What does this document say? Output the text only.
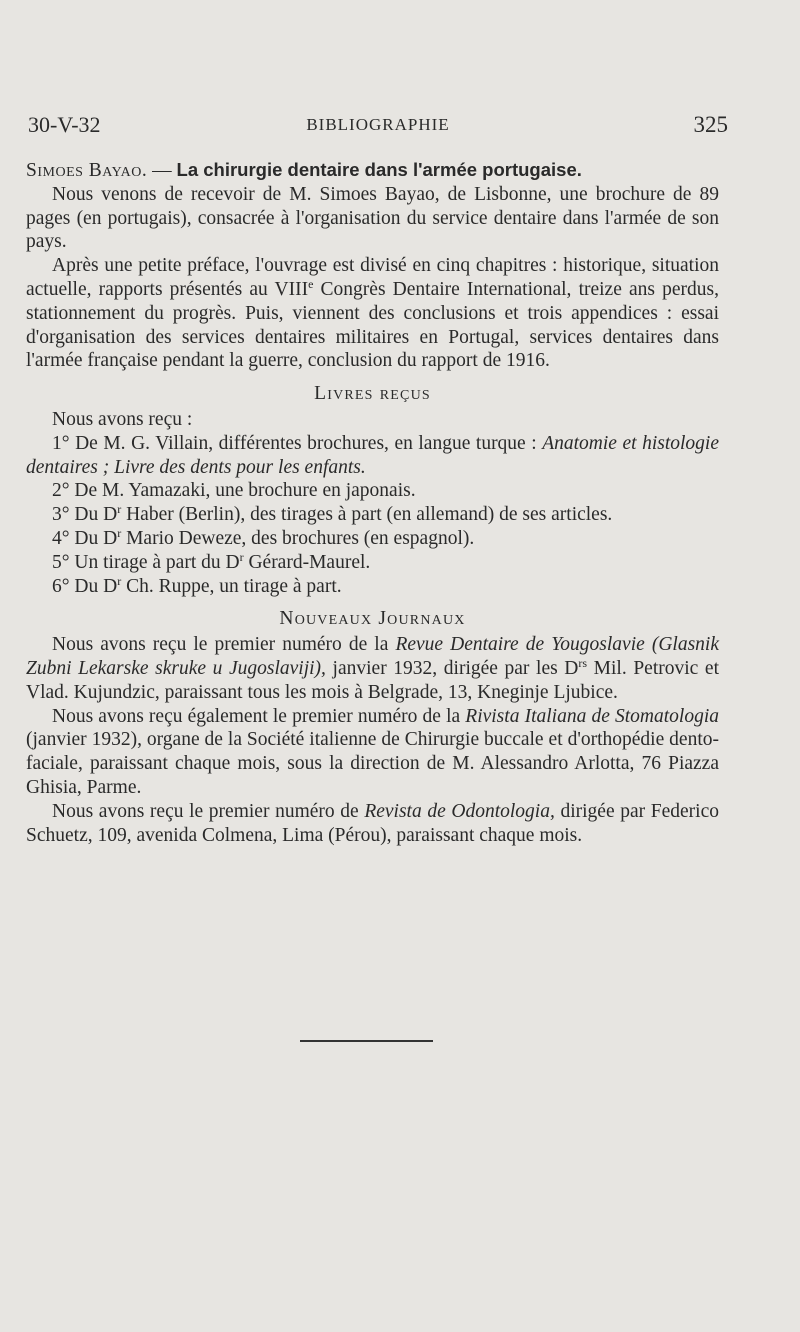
30-V-32	BIBLIOGRAPHIE	325

Simoes Bayao. — La chirurgie dentaire dans l'armée portugaise.

Nous venons de recevoir de M. Simoes Bayao, de Lisbonne, une brochure de 89 pages (en portugais), consacrée à l'organisation du service dentaire dans l'armée de son pays.

Après une petite préface, l'ouvrage est divisé en cinq chapitres : historique, situation actuelle, rapports présentés au VIIIe Congrès Dentaire International, treize ans perdus, stationnement du progrès. Puis, viennent des conclusions et trois appendices : essai d'organisation des services dentaires militaires en Portugal, services dentaires dans l'armée française pendant la guerre, conclusion du rapport de 1916.

Livres reçus

Nous avons reçu :

1° De M. G. Villain, différentes brochures, en langue turque : Anatomie et histologie dentaires ; Livre des dents pour les enfants.

2° De M. Yamazaki, une brochure en japonais.

3° Du $D^r$ Haber (Berlin), des tirages à part (en allemand) de ses articles.

4° Du $D^r$ Mario Deweze, des brochures (en espagnol).

5° Un tirage à part du $D^r$ Gérard-Maurel.

6° Du $D^r$ Ch. Ruppe, un tirage à part.

Nouveaux Journaux

Nous avons reçu le premier numéro de la Revue Dentaire de Yougoslavie (Glasnik Zubni Lekarske skruke u Jugoslaviji), janvier 1932, dirigée par les $D^{rs}$ Mil. Petrovic et Vlad. Kujundzic, paraissant tous les mois à Belgrade, 13, Kneginje Ljubice.

Nous avons reçu également le premier numéro de la Rivista Italiana de Stomatologia (janvier 1932), organe de la Société italienne de Chirurgie buccale et d'orthopédie dento-faciale, paraissant chaque mois, sous la direction de M. Alessandro Arlotta, 76 Piazza Ghisia, Parme.

Nous avons reçu le premier numéro de Revista de Odontologia, dirigée par Federico Schuetz, 109, avenida Colmena, Lima (Pérou), paraissant chaque mois.
